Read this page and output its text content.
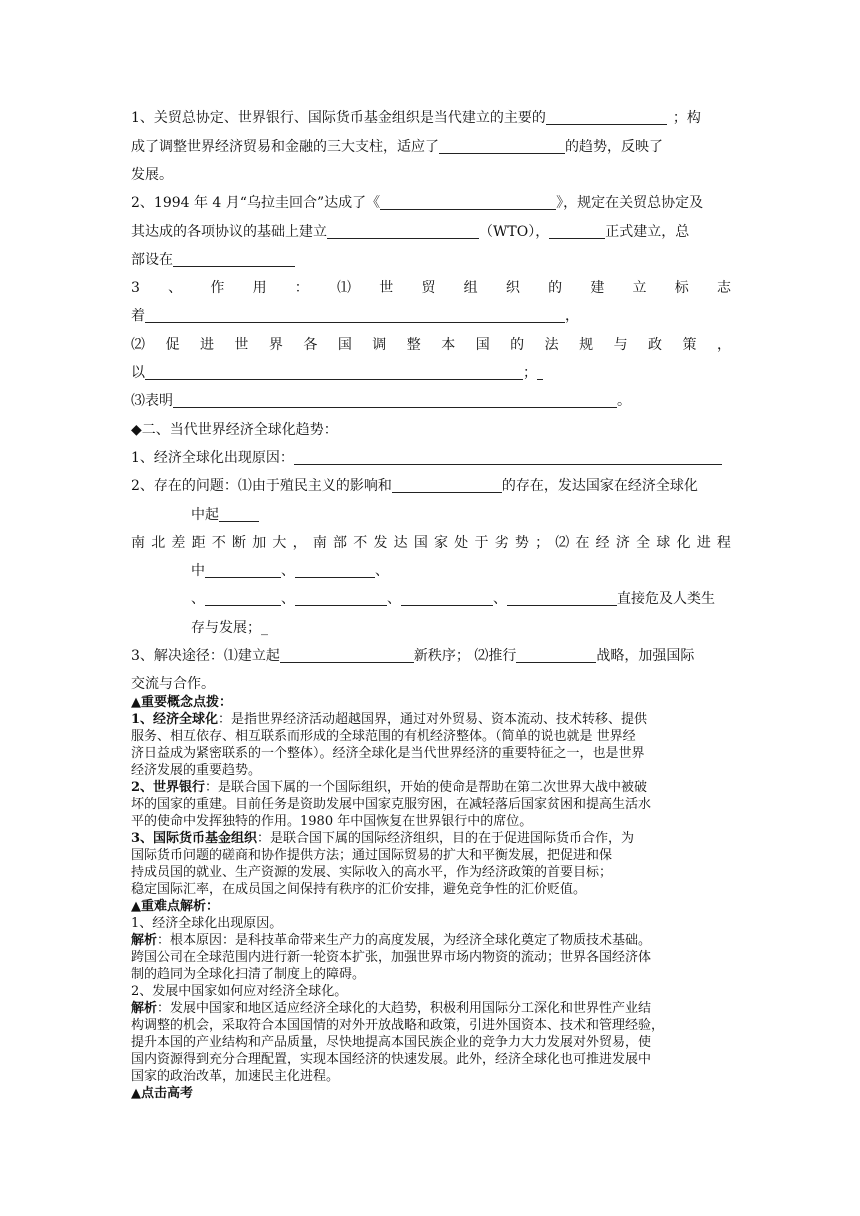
1、关贸总协定、世界银行、国际货币基金组织是当代建立的主要的	；构
成了调整世界经济贸易和金融的三大支柱，适应了	的趋势，反映了
发展。
2、1994 年 4 月“乌拉圭回合”达成了《	》，规定在关贸总协定及
其达成的各项协议的基础上建立	（WTO），	正式建立，总
部设在
3 、 作 用 ： ⑴ 世 贸 组 织 的 建 立 标 志
着	，
⑵ 促 进 世 界 各 国 调 整 本 国 的 法 规 与 政 策 ，
以	；
⑶表明	。
◆二、当代世界经济全球化趋势：
1、经济全球化出现原因：
2、存在的问题：⑴由于殖民主义的影响和	的存在，发达国家在经济全球化
中起
南 北 差 距 不 断 加 大 ， 南 部 不 发 达 国 家 处 于 劣 势 ； ⑵ 在 经 济 全 球 化 进 程
中	、	、
、	、	、	、	直接危及人类生
存与发展；_
3、解决途径：⑴建立起	新秩序； ⑵推行	战略，加强国际
交流与合作。
▲重要概念点拨：
1、经济全球化：是指世界经济活动超越国界，通过对外贸易、资本流动、技术转移、提供
服务、相互依存、相互联系而形成的全球范围的有机经济整体。（简单的说也就是 世界经
济日益成为紧密联系的一个整体）。经济全球化是当代世界经济的重要特征之一，也是世界
经济发展的重要趋势。
2、世界银行：是联合国下属的一个国际组织，开始的使命是帮助在第二次世界大战中被破
坏的国家的重建。目前任务是资助发展中国家克服穷困，在减轻落后国家贫困和提高生活水
平的使命中发挥独特的作用。1980 年中国恢复在世界银行中的席位。
3、国际货币基金组织：是联合国下属的国际经济组织，目的在于促进国际货币合作，为
国际货币问题的磋商和协作提供方法；通过国际贸易的扩大和平衡发展，把促进和保
持成员国的就业、生产资源的发展、实际收入的高水平，作为经济政策的首要目标；
稳定国际汇率，在成员国之间保持有秩序的汇价安排，避免竞争性的汇价贬值。
▲重难点解析：
1、经济全球化出现原因。
解析：根本原因：是科技革命带来生产力的高度发展，为经济全球化奠定了物质技术基础。
跨国公司在全球范围内进行新一轮资本扩张，加强世界市场内物资的流动；世界各国经济体
制的趋同为全球化扫清了制度上的障碍。
2、发展中国家如何应对经济全球化。
解析：发展中国家和地区适应经济全球化的大趋势，积极利用国际分工深化和世界性产业结
构调整的机会，采取符合本国国情的对外开放战略和政策，引进外国资本、技术和管理经验，
提升本国的产业结构和产品质量，尽快地提高本国民族企业的竞争力大力发展对外贸易，使
国内资源得到充分合理配置，实现本国经济的快速发展。此外，经济全球化也可推进发展中
国家的政治改革，加速民主化进程。
▲点击高考
